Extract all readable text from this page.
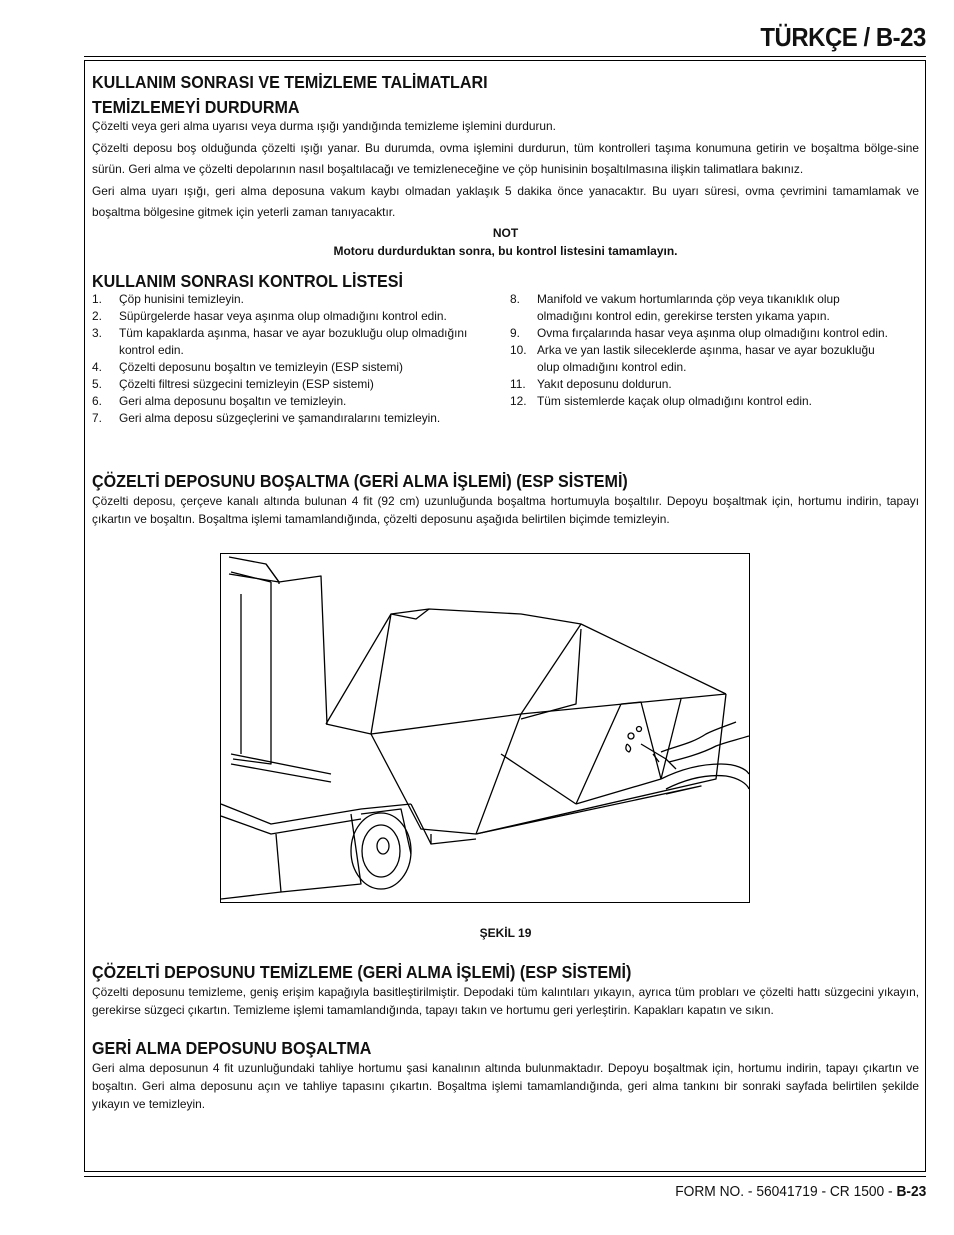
TÜRKÇE / B-23
KULLANIM SONRASI VE TEMİZLEME TALİMATLARI
TEMİZLEMEYİ DURDURMA

Çözelti veya geri alma uyarısı veya durma ışığı yandığında temizleme işlemini durdurun.

Çözelti deposu boş olduğunda çözelti ışığı yanar. Bu durumda, ovma işlemini durdurun, tüm kontrolleri taşıma konumuna getirin ve boşaltma bölge-sine sürün. Geri alma ve çözelti depolarının nasıl boşaltılacağı ve temizleneceğine ve çöp hunisinin boşaltılmasına ilişkin talimatlara bakınız.

Geri alma uyarı ışığı, geri alma deposuna vakum kaybı olmadan yaklaşık 5 dakika önce yanacaktır. Bu uyarı süresi, ovma çevrimini tamamlamak ve boşaltma bölgesine gitmek için yeterli zaman tanıyacaktır.

NOT
Motoru durdurduktan sonra, bu kontrol listesini tamamlayın.
KULLANIM SONRASI KONTROL LİSTESİ
1.	Çöp hunisini temizleyin.
2.	Süpürgelerde hasar veya aşınma olup olmadığını kontrol edin.
3.	Tüm kapaklarda aşınma, hasar ve ayar bozukluğu olup olmadığını kontrol edin.
4.	Çözelti deposunu boşaltın ve temizleyin (ESP sistemi)
5.	Çözelti filtresi süzgecini temizleyin (ESP sistemi)
6.	Geri alma deposunu boşaltın ve temizleyin.
7.	Geri alma deposu süzgeçlerini ve şamandıralarını temizleyin.
8.	Manifold ve vakum hortumlarında çöp veya tıkanıklık olup olmadığını kontrol edin, gerekirse tersten yıkama yapın.
9.	Ovma fırçalarında hasar veya aşınma olup olmadığını kontrol edin.
10. Arka ve yan lastik sileceklerde aşınma, hasar ve ayar bozukluğu olup olmadığını kontrol edin.
11. Yakıt deposunu doldurun.
12. Tüm sistemlerde kaçak olup olmadığını kontrol edin.
ÇÖZELTİ DEPOSUNU BOŞALTMA (GERİ ALMA İŞLEMİ) (ESP SİSTEMİ)

Çözelti deposu, çerçeve kanalı altında bulunan 4 fit (92 cm) uzunluğunda boşaltma hortumuyla boşaltılır. Depoyu boşaltmak için, hortumu indirin, tapayı çıkartın ve boşaltın. Boşaltma işlemi tamamlandığında, çözelti deposunu aşağıda belirtilen biçimde temizleyin.

ŞEKİL 19
ÇÖZELTİ DEPOSUNU TEMİZLEME (GERİ ALMA İŞLEMİ) (ESP SİSTEMİ)

Çözelti deposunu temizleme, geniş erişim kapağıyla basitleştirilmiştir. Depodaki tüm kalıntıları yıkayın, ayrıca tüm probları ve çözelti hattı süzgecini yıkayın, gerekirse süzgeci çıkartın. Temizleme işlemi tamamlandığında, tapayı takın ve hortumu geri yerleştirin. Kapakları kapatın ve sıkın.

GERİ ALMA DEPOSUNU BOŞALTMA

Geri alma deposunun 4 fit uzunluğundaki tahliye hortumu şasi kanalının altında bulunmaktadır. Depoyu boşaltmak için, hortumu indirin, tapayı çıkartın ve boşaltın. Geri alma deposunu açın ve tahliye tapasını çıkartın. Boşaltma işlemi tamamlandığında, geri alma tankını bir sonraki sayfada belirtilen şekilde yıkayın ve temizleyin.

FORM NO. - 56041719 - CR 1500 - B-23
